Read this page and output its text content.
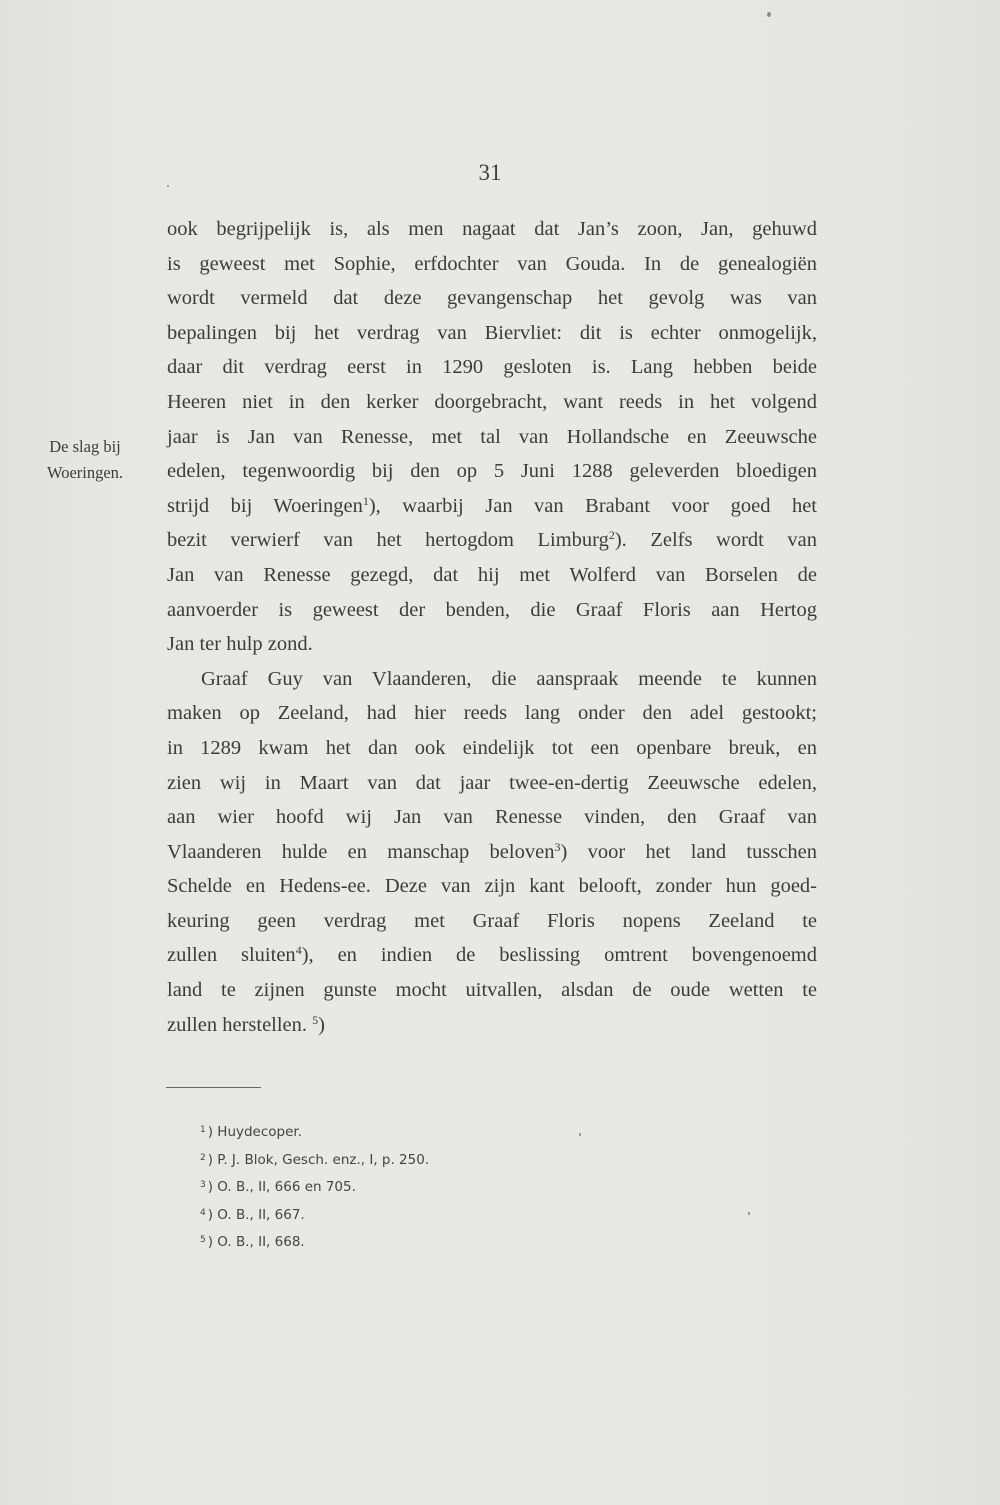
31
De slag bij
Woeringen.
ook begrijpelijk is, als men nagaat dat Jan’s zoon, Jan, gehuwd
is geweest met Sophie, erfdochter van Gouda. In de genealogiën
wordt vermeld dat deze gevangenschap het gevolg was van
bepalingen bij het verdrag van Biervliet: dit is echter onmogelijk,
daar dit verdrag eerst in 1290 gesloten is. Lang hebben beide
Heeren niet in den kerker doorgebracht, want reeds in het volgend
jaar is Jan van Renesse, met tal van Hollandsche en Zeeuwsche
edelen, tegenwoordig bij den op 5 Juni 1288 geleverden bloedigen
strijd bij Woeringen$^1$), waarbij Jan van Brabant voor goed het
bezit verwierf van het hertogdom Limburg$^2$). Zelfs wordt van
Jan van Renesse gezegd, dat hij met Wolferd van Borselen de
aanvoerder is geweest der benden, die Graaf Floris aan Hertog
Jan ter hulp zond.
Graaf Guy van Vlaanderen, die aanspraak meende te kunnen
maken op Zeeland, had hier reeds lang onder den adel gestookt;
in 1289 kwam het dan ook eindelijk tot een openbare breuk, en
zien wij in Maart van dat jaar twee-en-dertig Zeeuwsche edelen,
aan wier hoofd wij Jan van Renesse vinden, den Graaf van
Vlaanderen hulde en manschap beloven$^3$) voor het land tusschen
Schelde en Hedens-ee. Deze van zijn kant belooft, zonder hun goed-
keuring geen verdrag met Graaf Floris nopens Zeeland te
zullen sluiten$^4$), en indien de beslissing omtrent bovengenoemd
land te zijnen gunste mocht uitvallen, alsdan de oude wetten te
zullen herstellen. $^5$)
$^1$ ) Huydecoper.
$^2$ ) P. J. Blok, Gesch. enz., I, p. 250.
$^3$ ) O. B., II, 666 en 705.
$^4$ ) O. B., II, 667.
$^5$ ) O. B., II, 668.
